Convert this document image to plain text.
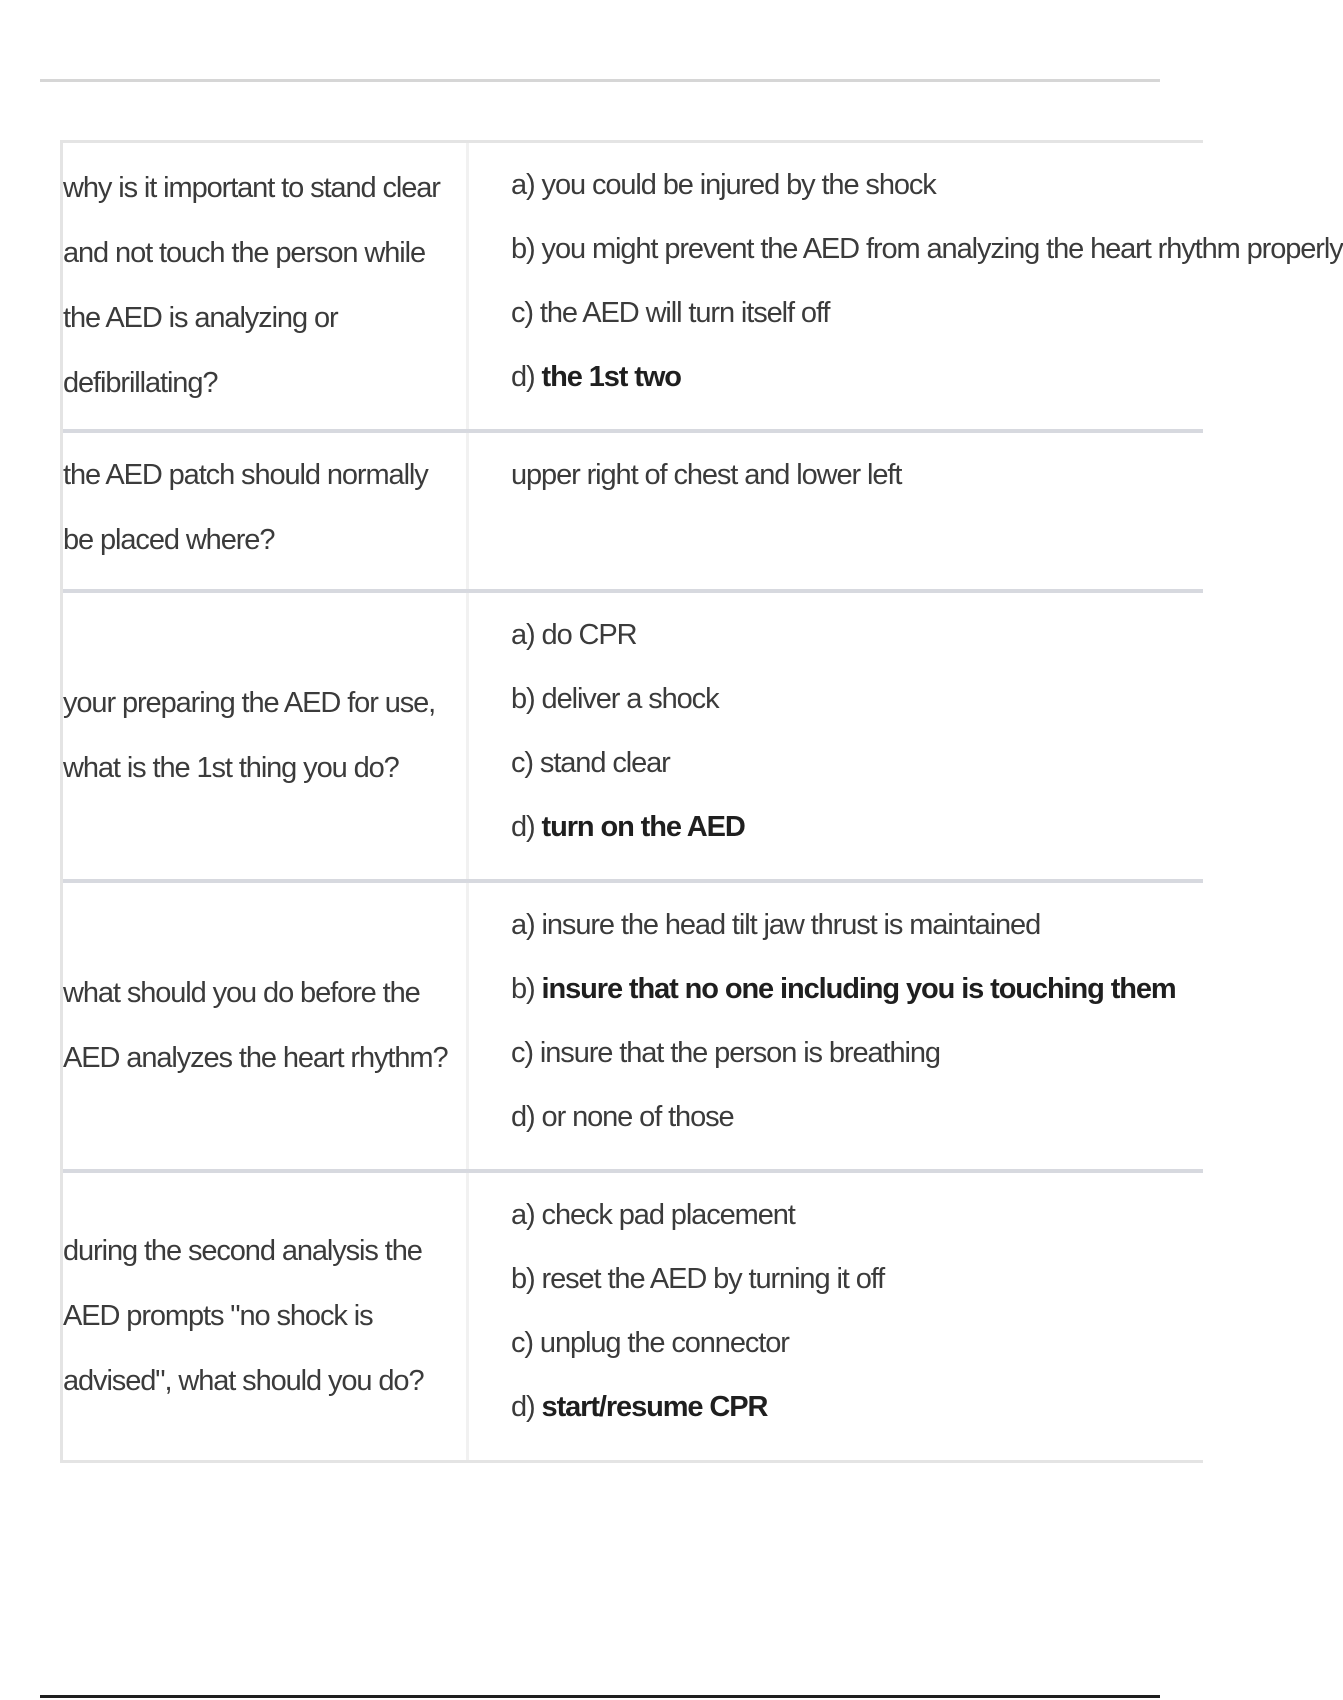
why is it important to stand clear and not touch the person while the AED is analyzing or defibrillating?
a) you could be injured by the shock
b) you might prevent the AED from analyzing the heart rhythm properly
c) the AED will turn itself off
d) the 1st two
the AED patch should normally be placed where?
upper right of chest and lower left
your preparing the AED for use, what is the 1st thing you do?
a) do CPR
b) deliver a shock
c) stand clear
d) turn on the AED
what should you do before the AED analyzes the heart rhythm?
a) insure the head tilt jaw thrust is maintained
b) insure that no one including you is touching them
c) insure that the person is breathing
d) or none of those
during the second analysis the AED prompts "no shock is advised", what should you do?
a) check pad placement
b) reset the AED by turning it off
c) unplug the connector
d) start/resume CPR
